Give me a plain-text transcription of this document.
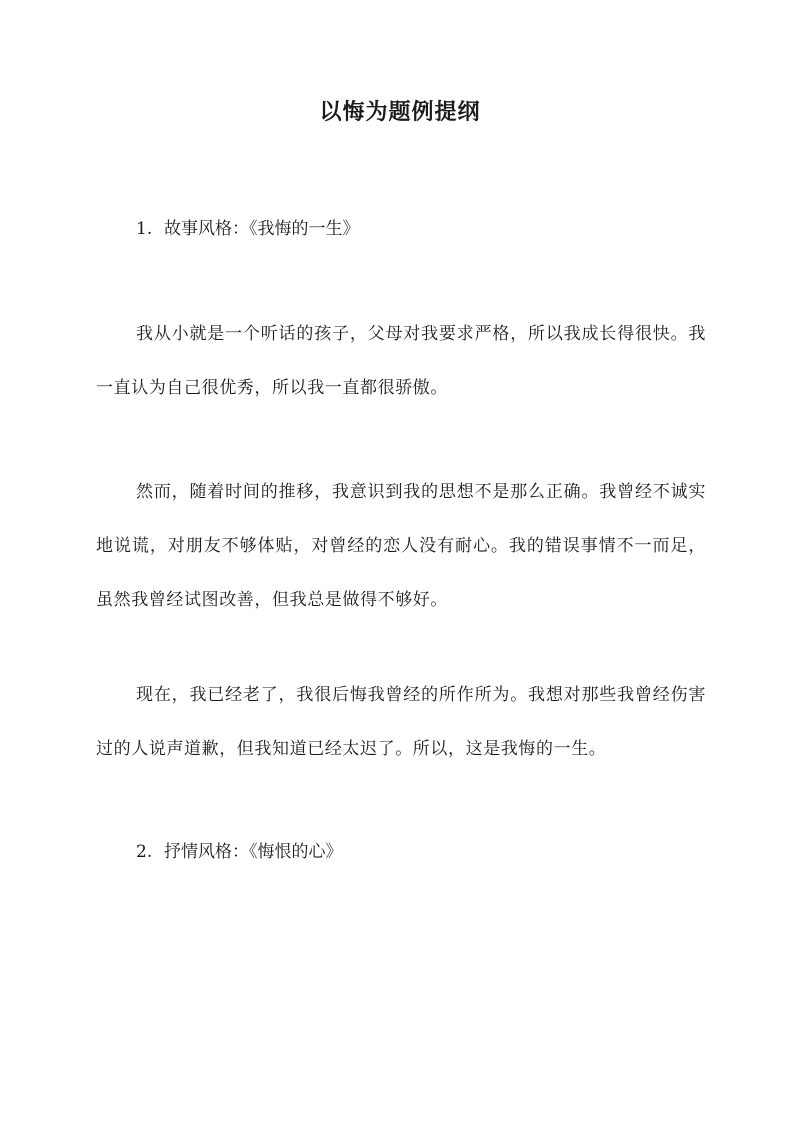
以悔为题例提纲
1. 故事风格：《我悔的一生》
我从小就是一个听话的孩子，父母对我要求严格，所以我成长得很快。我一直认为自己很优秀，所以我一直都很骄傲。
然而，随着时间的推移，我意识到我的思想不是那么正确。我曾经不诚实地说谎，对朋友不够体贴，对曾经的恋人没有耐心。我的错误事情不一而足，虽然我曾经试图改善，但我总是做得不够好。
现在，我已经老了，我很后悔我曾经的所作所为。我想对那些我曾经伤害过的人说声道歉，但我知道已经太迟了。所以，这是我悔的一生。
2. 抒情风格：《悔恨的心》
